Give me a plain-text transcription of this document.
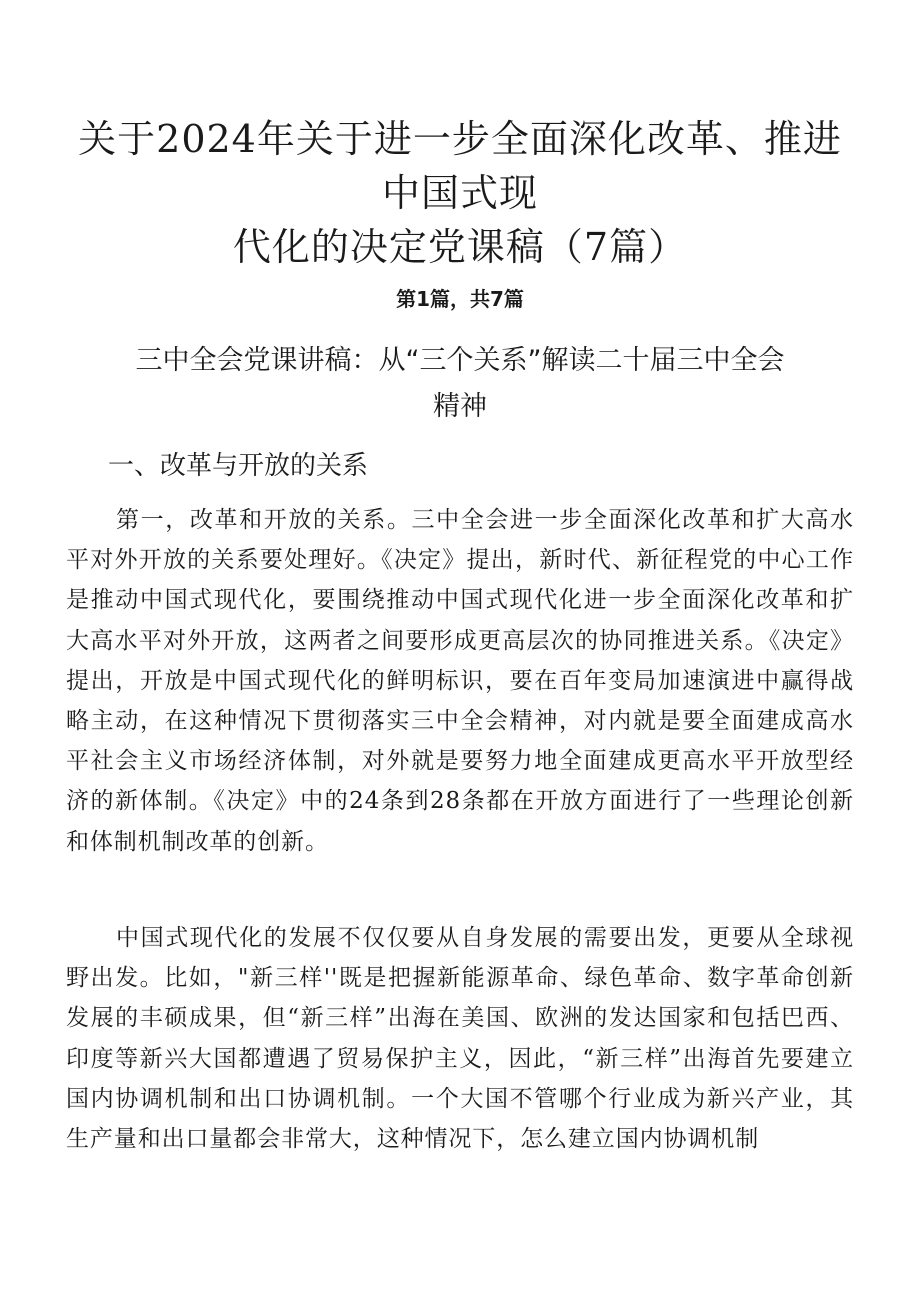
关于2024年关于进一步全面深化改革、推进中国式现
代化的决定党课稿（7篇）
第1篇，共7篇
三中全会党课讲稿：从“三个关系”解读二十届三中全会
精神
一、改革与开放的关系

第一，改革和开放的关系。三中全会进一步全面深化改革和扩大高水平对外开放的关系要处理好。《决定》提出，新时代、新征程党的中心工作是推动中国式现代化，要围绕推动中国式现代化进一步全面深化改革和扩大高水平对外开放，这两者之间要形成更高层次的协同推进关系。《决定》提出，开放是中国式现代化的鲜明标识，要在百年变局加速演进中赢得战略主动，在这种情况下贯彻落实三中全会精神，对内就是要全面建成高水平社会主义市场经济体制，对外就是要努力地全面建成更高水平开放型经济的新体制。《决定》中的24条到28条都在开放方面进行了一些理论创新和体制机制改革的创新。

中国式现代化的发展不仅仅要从自身发展的需要出发，更要从全球视野出发。比如，"新三样''既是把握新能源革命、绿色革命、数字革命创新发展的丰硕成果，但“新三样”出海在美国、欧洲的发达国家和包括巴西、印度等新兴大国都遭遇了贸易保护主义，因此，“新三样”出海首先要建立国内协调机制和出口协调机制。一个大国不管哪个行业成为新兴产业，其生产量和出口量都会非常大，这种情况下，怎么建立国内协调机制
